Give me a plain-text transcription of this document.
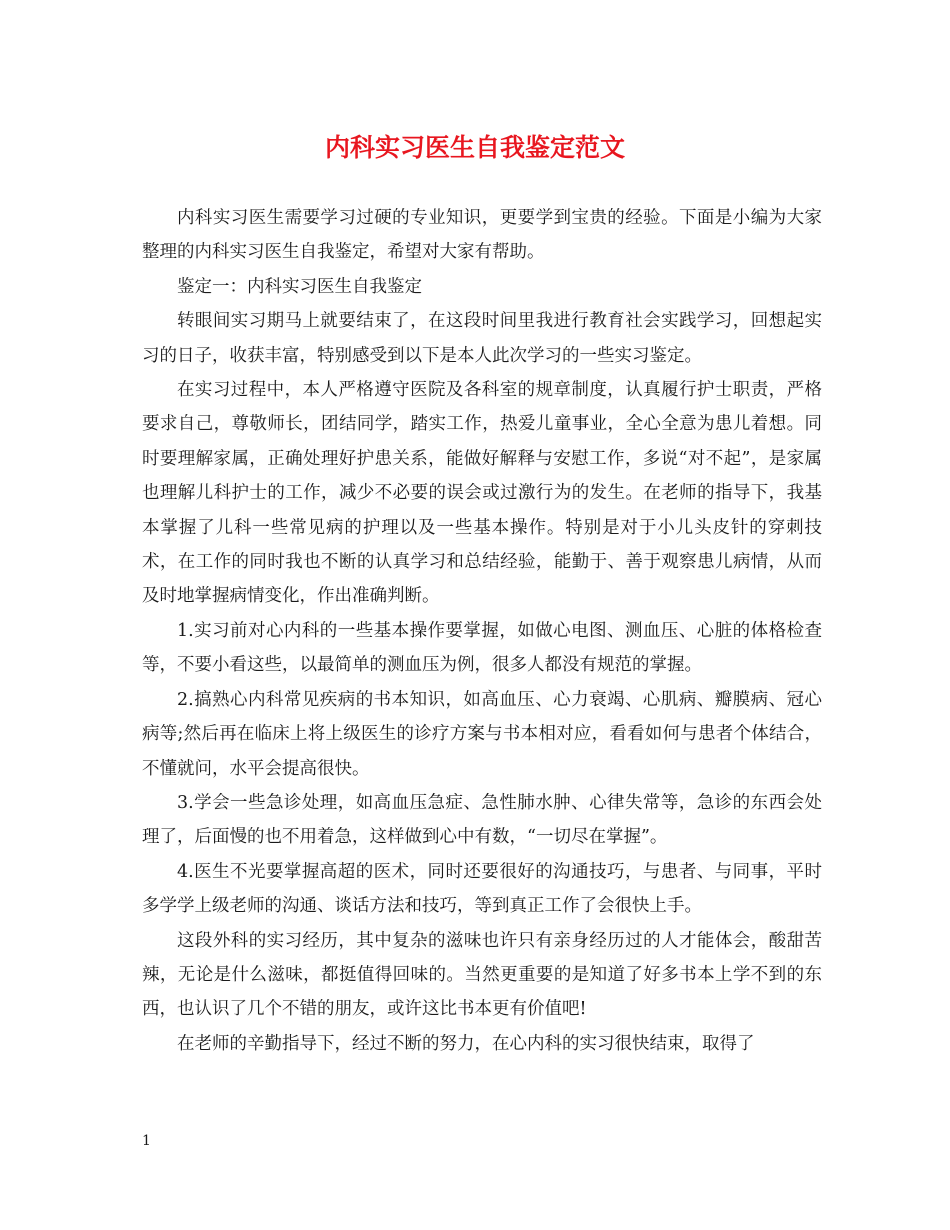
内科实习医生自我鉴定范文

内科实习医生需要学习过硬的专业知识，更要学到宝贵的经验。下面是小编为大家整理的内科实习医生自我鉴定，希望对大家有帮助。

鉴定一：内科实习医生自我鉴定

转眼间实习期马上就要结束了，在这段时间里我进行教育社会实践学习，回想起实习的日子，收获丰富，特别感受到以下是本人此次学习的一些实习鉴定。

在实习过程中，本人严格遵守医院及各科室的规章制度，认真履行护士职责，严格要求自己，尊敬师长，团结同学，踏实工作，热爱儿童事业，全心全意为患儿着想。同时要理解家属，正确处理好护患关系，能做好解释与安慰工作，多说“对不起”，是家属也理解儿科护士的工作，减少不必要的误会或过激行为的发生。在老师的指导下，我基本掌握了儿科一些常见病的护理以及一些基本操作。特别是对于小儿头皮针的穿刺技术，在工作的同时我也不断的认真学习和总结经验，能勤于、善于观察患儿病情，从而及时地掌握病情变化，作出准确判断。

1.实习前对心内科的一些基本操作要掌握，如做心电图、测血压、心脏的体格检查等，不要小看这些，以最简单的测血压为例，很多人都没有规范的掌握。

2.搞熟心内科常见疾病的书本知识，如高血压、心力衰竭、心肌病、瓣膜病、冠心病等;然后再在临床上将上级医生的诊疗方案与书本相对应，看看如何与患者个体结合，不懂就问，水平会提高很快。

3.学会一些急诊处理，如高血压急症、急性肺水肿、心律失常等，急诊的东西会处理了，后面慢的也不用着急，这样做到心中有数，“一切尽在掌握”。

4.医生不光要掌握高超的医术，同时还要很好的沟通技巧，与患者、与同事，平时多学学上级老师的沟通、谈话方法和技巧，等到真正工作了会很快上手。

这段外科的实习经历，其中复杂的滋味也许只有亲身经历过的人才能体会，酸甜苦辣，无论是什么滋味，都挺值得回味的。当然更重要的是知道了好多书本上学不到的东西，也认识了几个不错的朋友，或许这比书本更有价值吧!

在老师的辛勤指导下，经过不断的努力，在心内科的实习很快结束，取得了

1
